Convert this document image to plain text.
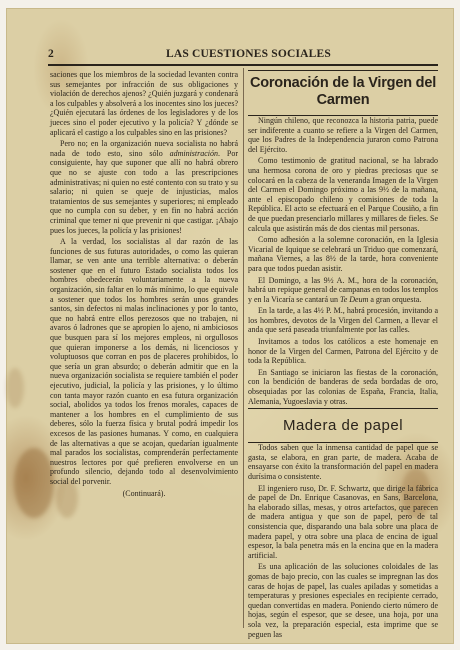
2	LAS CUESTIONES SOCIALES

saciones que los miembros de la sociedad levanten contra sus semejantes por infracción de sus obligaciones y violación de derechos ajenos? ¿Quién juzgará y condenará a los culpables y absolverá a los inocentes sino los jueces? ¿Quién ejecutará las órdenes de los legisladores y de los jueces sino el poder ejecutivo y la policía? Y ¿dónde se aplicará el castigo a los culpables sino en las prisiones?

Pero no; en la organización nueva socialista no habrá nada de todo esto, sino sólo administración. Por consiguiente, hay que suponer que allí no habrá obrero que no se ajuste con todo a las prescripciones administrativas; ni quien no esté contento con su trato y su salario; ni quien se queje de injusticias, malos tratamientos de sus semejantes y superiores; ni empleado que no cumpla con su deber, y en fin no habrá acción criminal que temer ni que prevenir ni que castigar. ¡Abajo pues los jueces, la policía y las prisiones!

A la verdad, los socialistas al dar razón de las funciones de sus futuras autoridades, o como las quieran llamar, se ven ante una terrible alternativa: o deberán sostener que en el futuro Estado socialista todos los hombres obedecerán voluntariamente a la nueva organización, sin faltar en lo más mínimo, lo que equivale a sostener que todos los hombres serán unos grandes santos, sin defectos ni malas inclinaciones y por lo tanto, que no habrá entre ellos perezosos que no trabajen, ni avaros ó ladrones que se apropien lo ajeno, ni ambiciosos que busquen para sí los mejores empleos, ni orgullosos que quieran imponerse a los demás, ni licenciosos y voluptuosos que corran en pos de placeres prohibidos, lo que sería un gran absurdo; o deberán admitir que en la nueva organización socialista se requiere también el poder ejecutivo, judicial, la policía y las prisiones, y lo último con tanta mayor razón cuanto en esa futura organización social, abolidos ya todos los frenos morales, capaces de mantener a los hombres en el cumplimiento de sus deberes, sólo la fuerza física y brutal podrá impedir los excesos de las pasiones humanas. Y como, en cualquiera de las alternativas a que se acojan, quedarían igualmente mal parados los socialistas, comprenderán perfectamente nuestros lectores por qué prefieren envolverse en un profundo silencio, dejando todo al desenvolvimiento social del porvenir.

(Continuará).

Coronación de la Virgen del Carmen

Ningún chileno, que reconozca la historia patria, puede ser indiferente a cuanto se refiere a la Virgen del Carmen, que los Padres de la Independencia juraron como Patrona del Ejército.

Como testimonio de gratitud nacional, se ha labrado una hermosa corona de oro y piedras preciosas que se colocará en la cabeza de la veneranda Imagen de la Virgen del Carmen el Domingo próximo a las 9½ de la mañana, ante el episcopado chileno y comisiones de toda la República. El acto se efectuará en el Parque Cousiño, a fin de que puedan presenciarlo millares y millares de fieles. Se calcula que asistirán más de dos cientas mil personas.

Como adhesión a la solemne coronación, en la Iglesia Vicarial de Iquique se celebrará un Triduo que comenzará, mañana Viernes, a las 8½ de la tarde, hora conveniente para que todos puedan asistir.

El Domingo, a las 9½ A. M., hora de la coronación, habrá un repique general de campanas en todos los templos y en la Vicaría se cantará un Te Deum a gran orquesta.

En la tarde, a las 4½ P. M., habrá procesión, invitando a los hombres, devotos de la Virgen del Carmen, a llevar el anda que será paseada triunfalmente por las calles.

Invitamos a todos los católicos a este homenaje en honor de la Virgen del Carmen, Patrona del Ejército y de toda la República.

En Santiago se iniciaron las fiestas de la coronación, con la bendición de banderas de seda bordadas de oro, obsequiadas por las colonias de España, Francia, Italia, Alemania, Yugoeslavia y otras.

Madera de papel

Todos saben que la inmensa cantidad de papel que se gasta, se elabora, en gran parte, de madera. Acaba de ensayarse con éxito la transformación del papel en madera durísima o consistente.

El ingeniero ruso, Dr. F. Schwartz, que dirige la fábrica de papel de Dn. Enrique Casanovas, en Sans, Barcelona, ha elaborado sillas, mesas, y otros artefactos, que parecen de madera antigua y que son de papel, pero de tal consistencia que, disparando una bala sobre una placa de madera papel, y otra sobre una placa de encina de igual espesor, la bala penetra más en la encina que en la madera artificial.

Es una aplicación de las soluciones coloidales de las gomas de bajo precio, con las cuales se impregnan las dos caras de hojas de papel, las cuales apiladas y sometidas a temperaturas y presiones especiales en recipiente cerrado, quedan convertidas en madera. Poniendo cierto número de hojas, según el espesor, que se desee, una hoja, por una sola vez, la preparación especial, esta imprime que se peguen las
